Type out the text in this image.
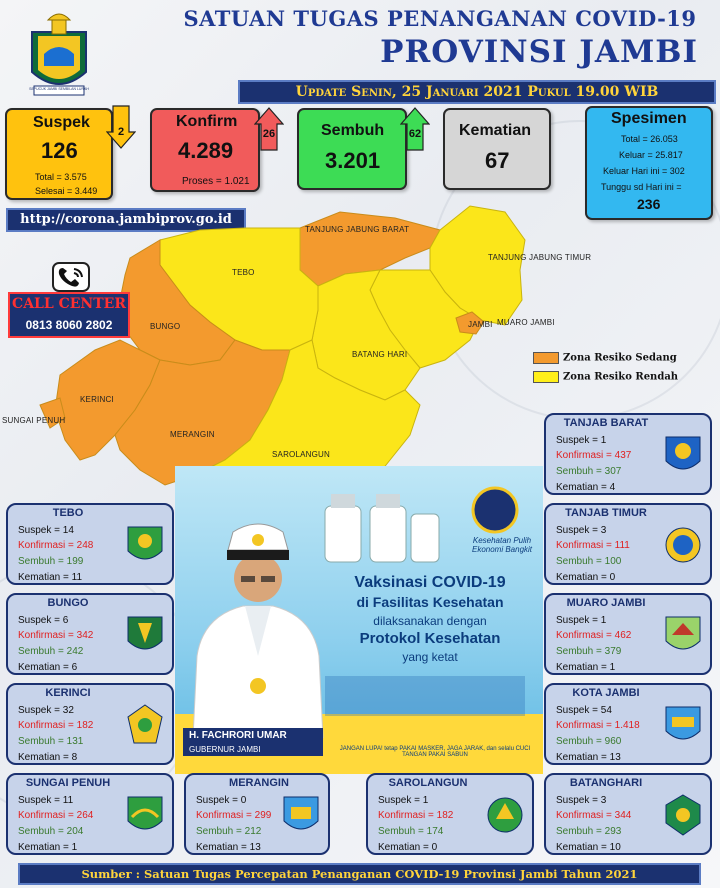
SEPUCUK JAMBI SEMBILAN LURAH
SATUAN TUGAS PENANGANAN COVID-19
PROVINSI JAMBI
Update Senin, 25 Januari 2021 Pukul 19.00 WIB
Suspek
126
Total = 3.575
Selesai = 3.449
2
Konfirm
4.289
Proses = 1.021
26	Sembuh
3.201
62	Kematian
67
Spesimen
Total = 26.053
Keluar = 25.817
Keluar Hari ini = 302
Tunggu sd Hari ini =
236
http://corona.jambiprov.go.id
TANJUNG JABUNG BARAT
TANJUNG JABUNG TIMUR
TEBO
BUNGO	JAMBI MUARO JAMBI
BATANG HARI
KERINCI
SUNGAI PENUH
MERANGIN
SAROLANGUN
Zona Resiko Sedang
Zona Resiko Rendah
CALL CENTER
0813 8060 2802
Vaksinasi COVID-19
di Fasilitas Kesehatan
dilaksanakan dengan
Protokol Kesehatan
yang ketat
Kesehatan Pulih Ekonomi Bangkit
JANGAN LUPA! tetap PAKAI MASKER, JAGA JARAK, dan selalu CUCI TANGAN PAKAI SABUN
H. FACHRORI UMAR
GUBERNUR JAMBI
TANJAB BARAT
Suspek = 1
Konfirmasi = 437
Sembuh = 307
Kematian = 4
TANJAB TIMUR
Suspek = 3
Konfirmasi = 111
Sembuh = 100
Kematian = 0
MUARO JAMBI
Suspek = 1
Konfirmasi = 462
Sembuh = 379
Kematian = 1
KOTA JAMBI
Suspek = 54
Konfirmasi = 1.418
Sembuh = 960
Kematian = 13
BATANGHARI
Suspek = 3
Konfirmasi = 344
Sembuh = 293
Kematian = 10
TEBO
Suspek = 14
Konfirmasi = 248
Sembuh = 199
Kematian = 11
BUNGO
Suspek = 6
Konfirmasi = 342
Sembuh = 242
Kematian = 6
KERINCI
Suspek = 32
Konfirmasi = 182
Sembuh = 131
Kematian = 8
SUNGAI PENUH
Suspek = 11
Konfirmasi = 264
Sembuh = 204
Kematian = 1
MERANGIN
Suspek = 0
Konfirmasi = 299
Sembuh = 212
Kematian = 13
SAROLANGUN
Suspek = 1
Konfirmasi = 182
Sembuh = 174
Kematian = 0
Sumber : Satuan Tugas Percepatan Penanganan COVID-19 Provinsi Jambi Tahun 2021
